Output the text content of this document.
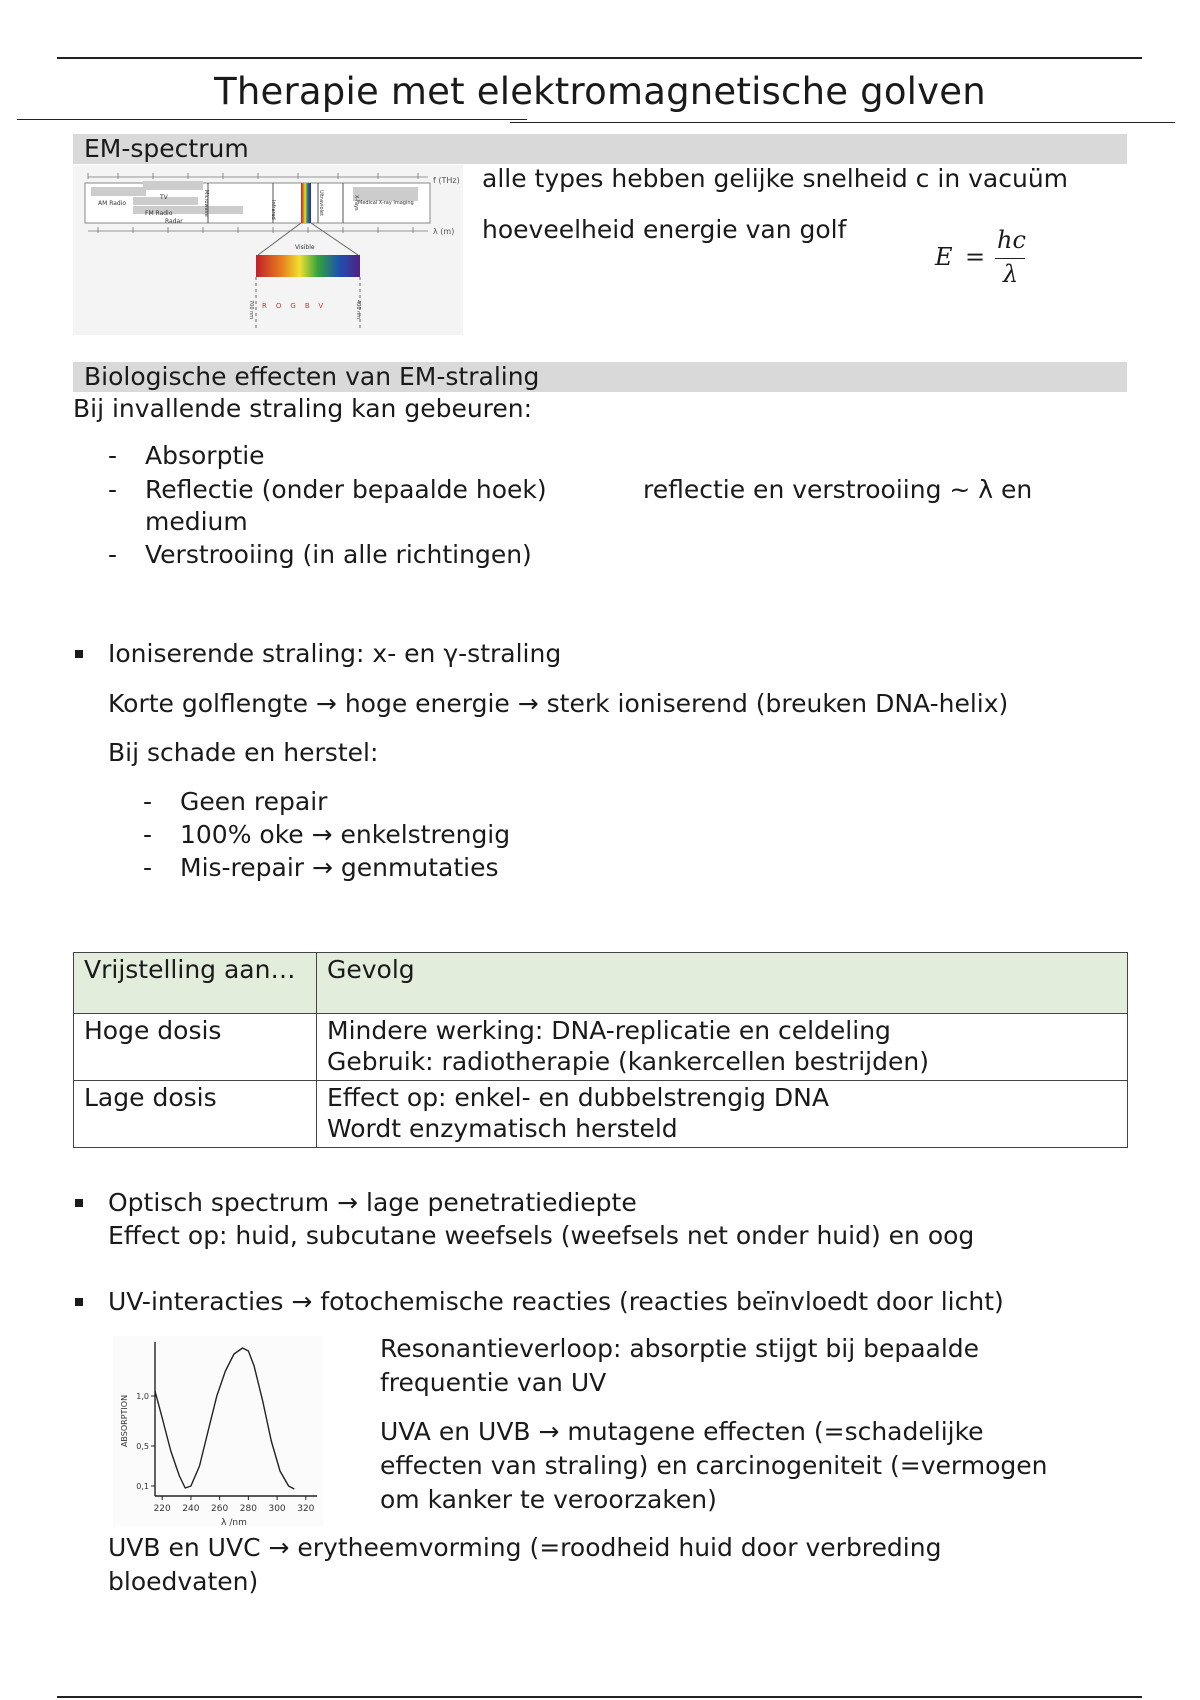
Therapie met elektromagnetische golven
EM-spectrum
f (THz)
λ (m)
AM Radio
TV
FM Radio
Radar
Microwave	Infrared	Ultraviolet	X-rays Medical X-ray Imaging
Visible
ROGBV
700 nm	400 nm
alle types hebben gelijke snelheid c in vacuüm
hoeveelheid energie van golf
E =
hc
λ
Biologische effecten van EM-straling
Bij invallende straling kan gebeuren:
- Absorptie
- Reflectie (onder bepaalde hoek)	reflectie en verstrooiing ~ λ en
medium
- Verstrooiing (in alle richtingen)
Ioniserende straling: x- en γ-straling
Korte golflengte → hoge energie → sterk ioniserend (breuken DNA-helix)
Bij schade en herstel:
- Geen repair
- 100% oke → enkelstrengig
- Mis-repair → genmutaties
Vrijstelling aan…	Gevolg
Hoge dosis	Mindere werking: DNA-replicatie en celdeling
Gebruik: radiotherapie (kankercellen bestrijden)

Lage dosis	Effect op: enkel- en dubbelstrengig DNA
Wordt enzymatisch hersteld
Optisch spectrum → lage penetratiediepte
Effect op: huid, subcutane weefsels (weefsels net onder huid) en oog
UV-interacties → fotochemische reacties (reacties beïnvloedt door licht)
220 240 260 280 300 320
0,1
0,5
1,0
λ /nm
ABSORPTION
Resonantieverloop: absorptie stijgt bij bepaalde
frequentie van UV
UVA en UVB → mutagene effecten (=schadelijke
effecten van straling) en carcinogeniteit (=vermogen
om kanker te veroorzaken)
UVB en UVC → erytheemvorming (=roodheid huid door verbreding
bloedvaten)
